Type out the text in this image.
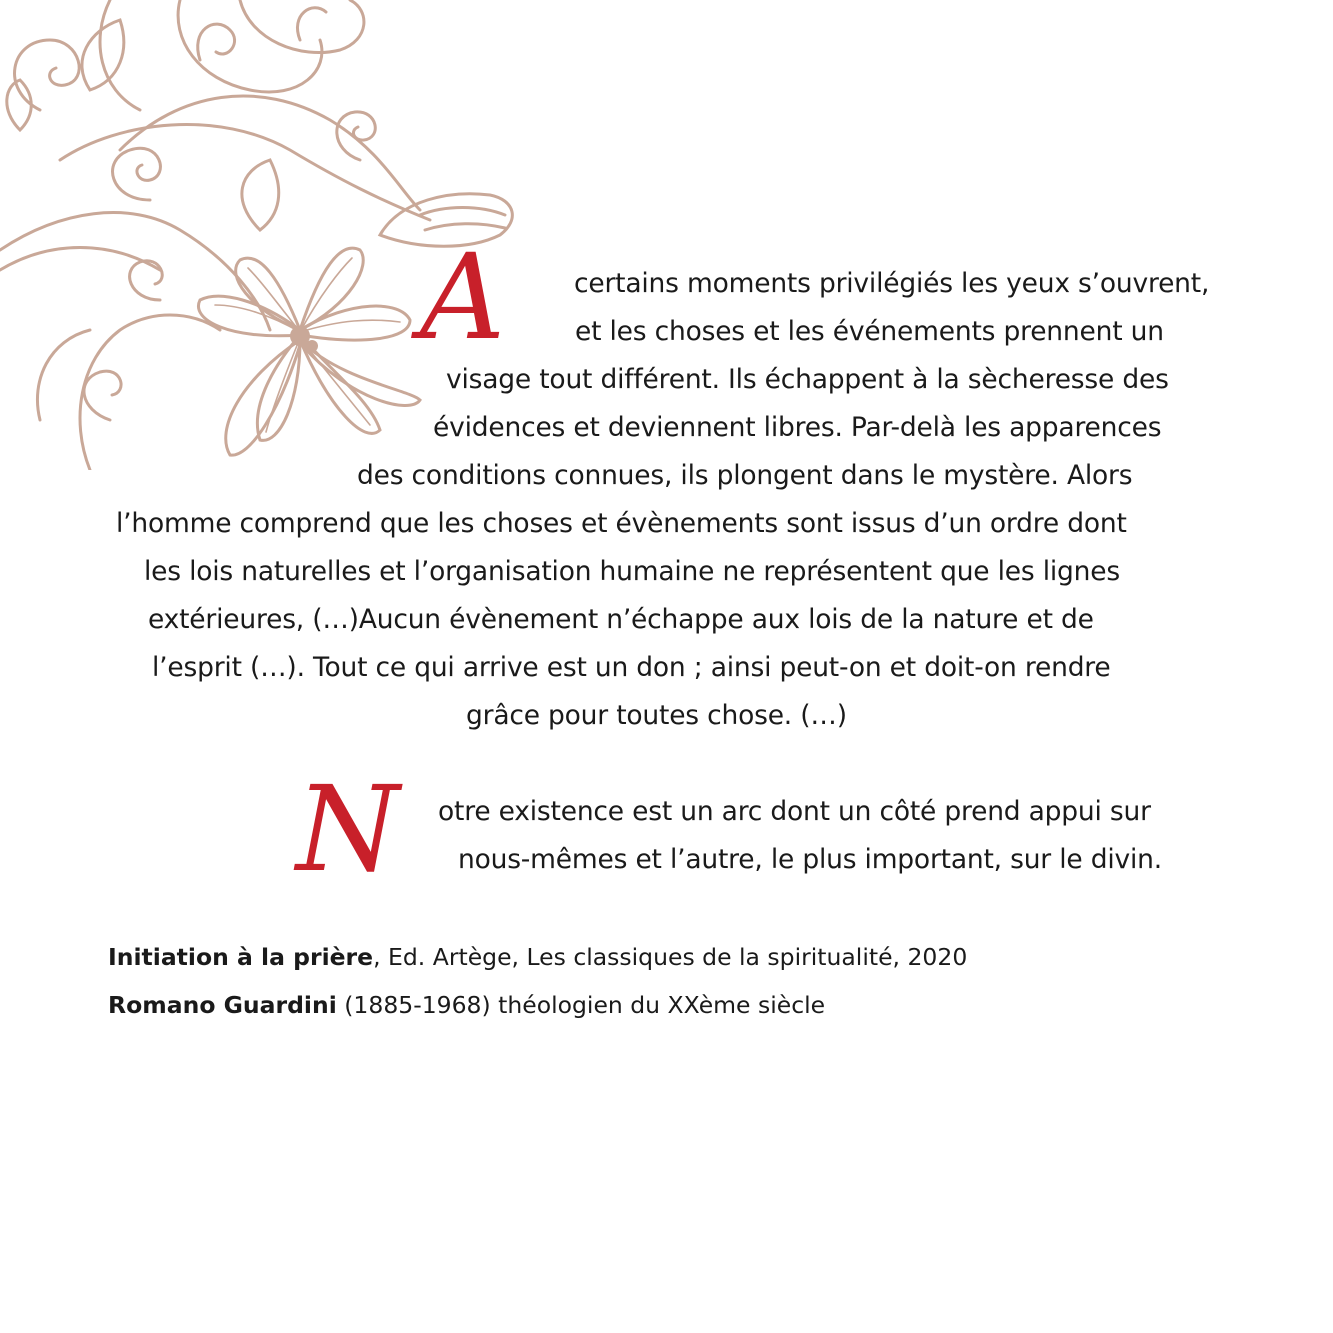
A
N
certains moments privilégiés les yeux s’ouvrent,
et les choses et les événements prennent un
visage tout différent. Ils échappent à la sècheresse des
évidences et deviennent libres. Par-delà les apparences
des conditions connues, ils plongent dans le mystère. Alors
l’homme comprend que les choses et évènements sont issus d’un ordre dont
les lois naturelles et l’organisation humaine ne représentent que les lignes
extérieures, (…)Aucun évènement n’échappe aux lois de la nature et de
l’esprit (…). Tout ce qui arrive est un don ; ainsi peut-on et doit-on rendre
grâce pour toutes chose. (…)
otre existence est un arc dont un côté prend appui sur
nous-mêmes et l’autre, le plus important, sur le divin.
Initiation à la prière, Ed. Artège, Les classiques de la spiritualité, 2020
Romano Guardini (1885-1968) théologien du XXème siècle
